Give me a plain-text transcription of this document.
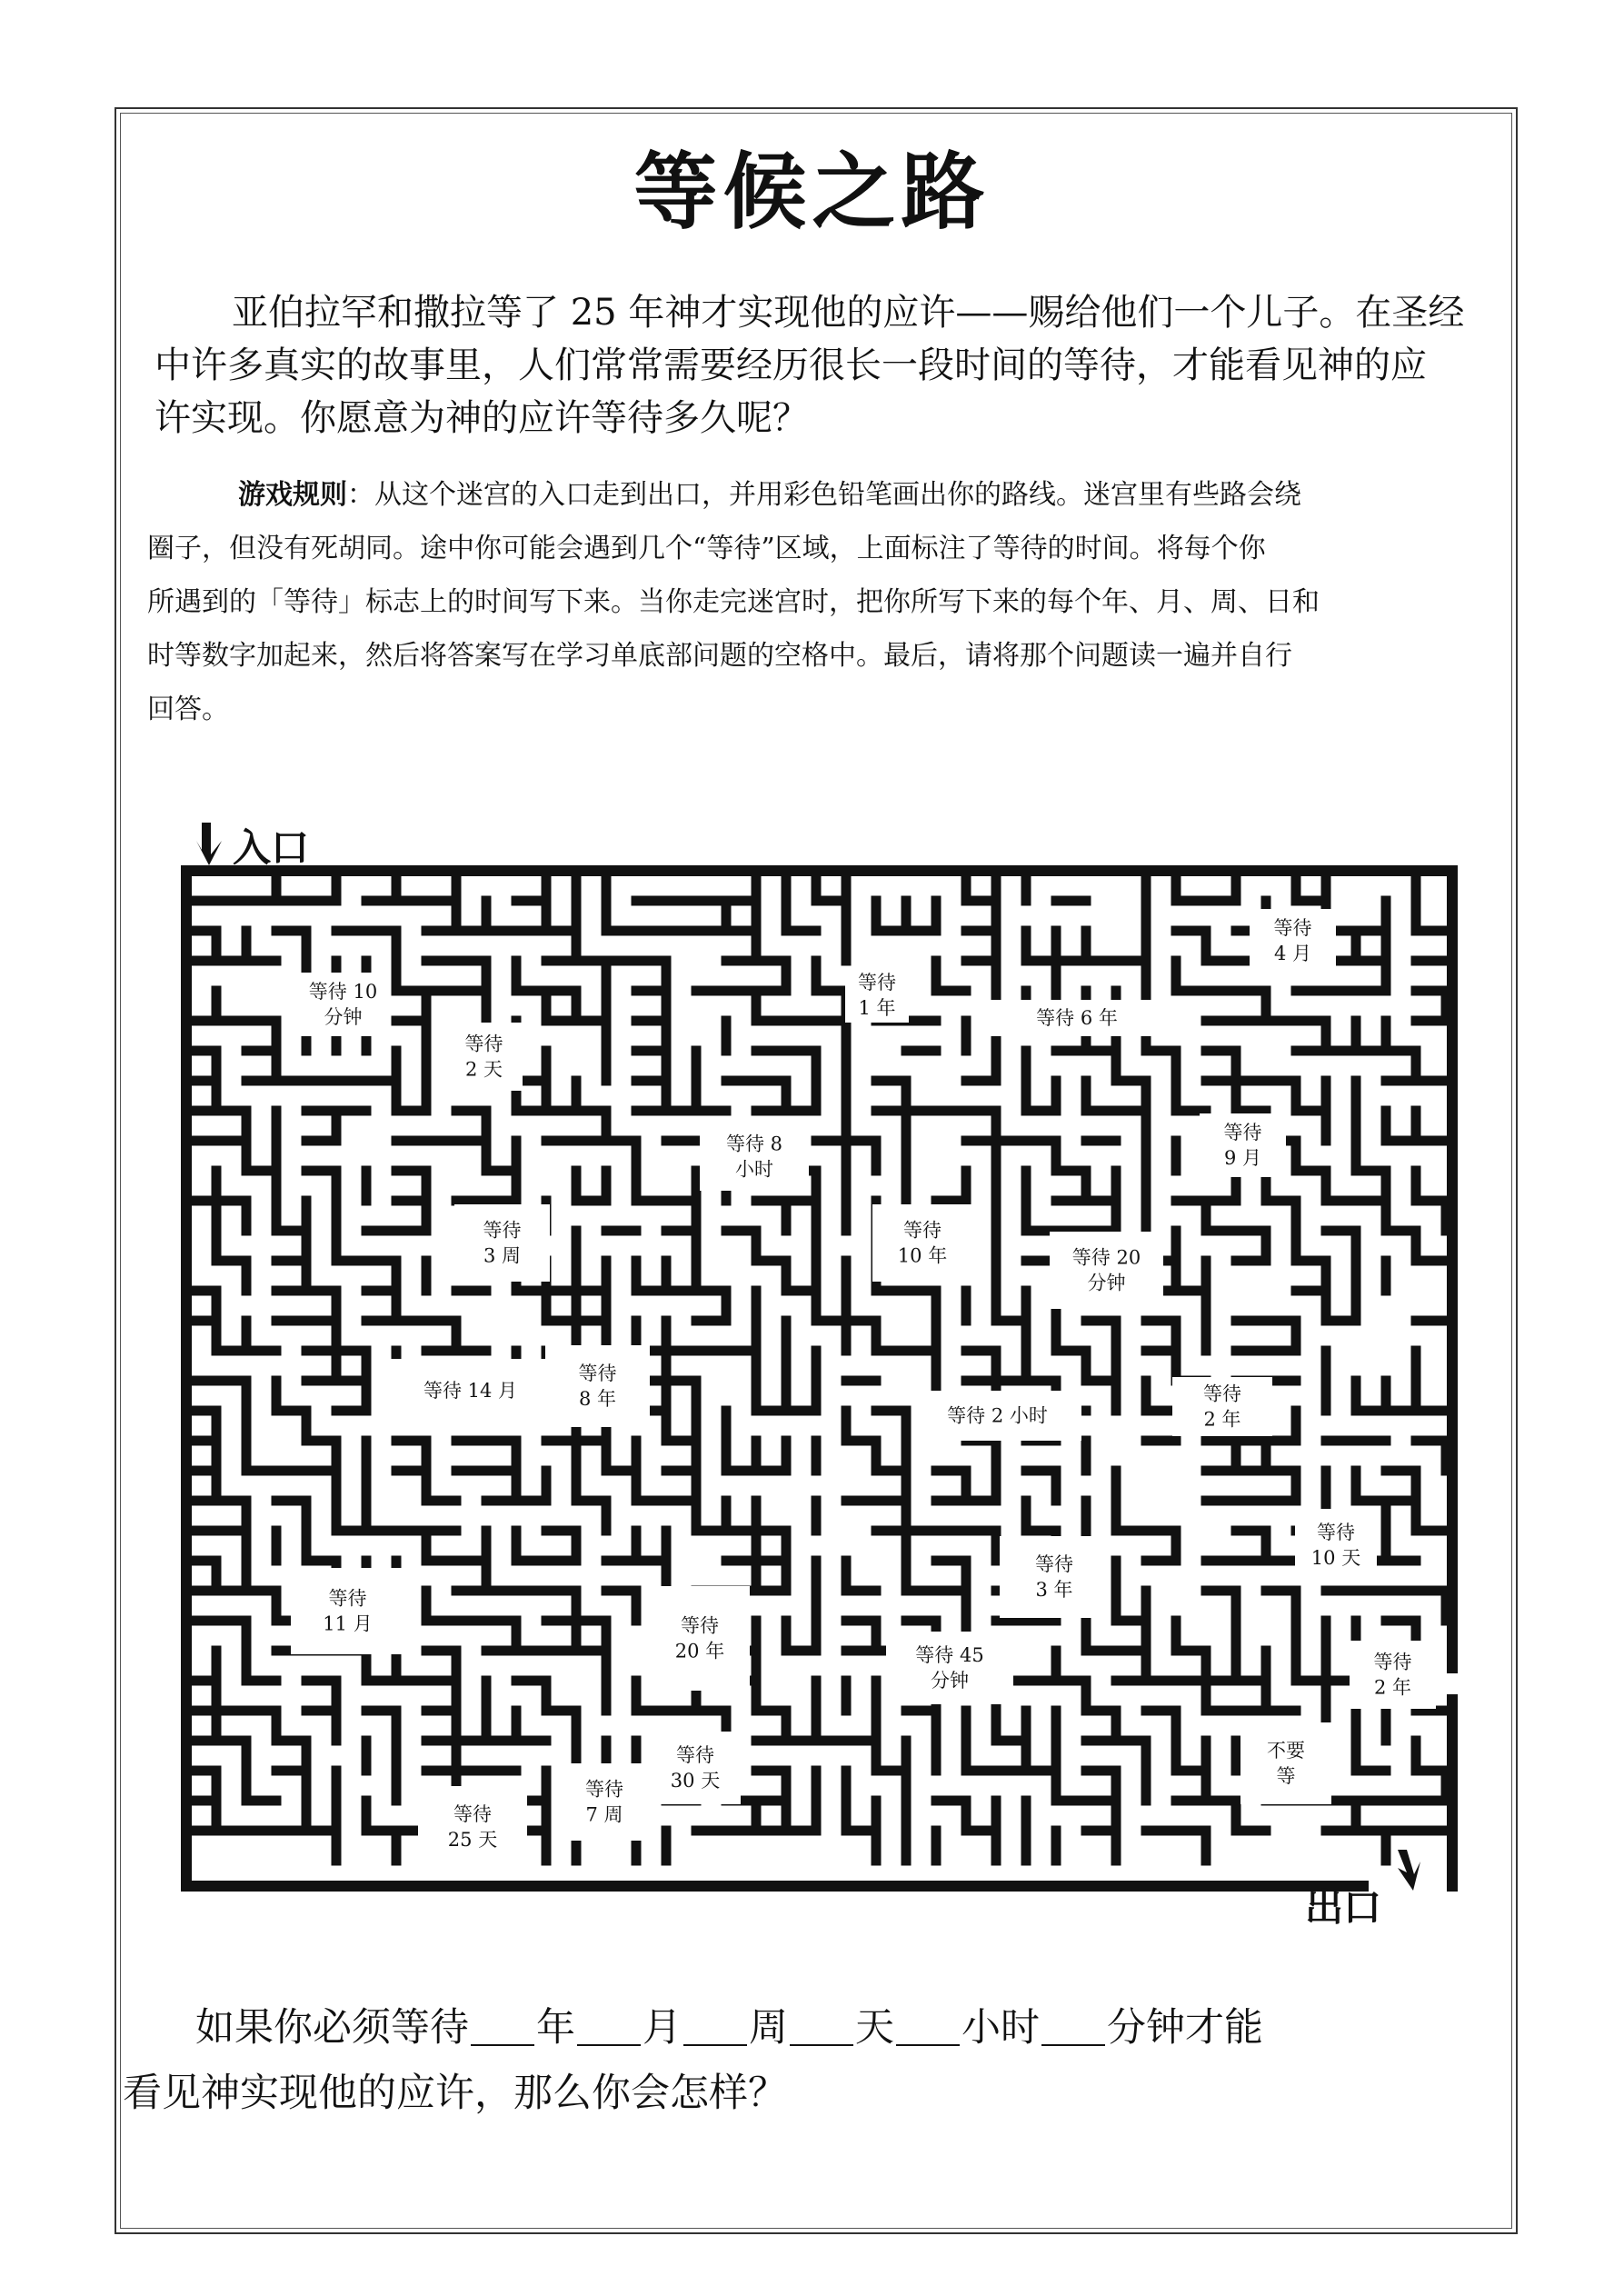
等候之路

亚伯拉罕和撒拉等了 25 年神才实现他的应许——赐给他们一个儿子。在圣经

中许多真实的故事里，人们常常需要经历很长一段时间的等待，才能看见神的应

许实现。你愿意为神的应许等待多久呢？

游戏规则：从这个迷宫的入口走到出口，并用彩色铅笔画出你的路线。迷宫里有些路会绕

圈子，但没有死胡同。途中你可能会遇到几个“等待”区域，上面标注了等待的时间。将每个你

所遇到的「等待」标志上的时间写下来。当你走完迷宫时，把你所写下来的每个年、月、周、日和

时等数字加起来，然后将答案写在学习单底部问题的空格中。最后，请将那个问题读一遍并自行

回答。

等待 10
分钟
等待
2 天
等待
1 年	等待 6 年
等待
4 月
等待 8
小时
等待
9 月
等待
3 周
等待
10 年	等待 20
分钟
等待 14 月
等待
8 年
等待 2 小时
等待
2 年
等待
3 年
等待
10 天
等待
11 月	等待
20 年	等待 45
分钟
等待
2 年
等待
30 天
不要
等
等待
7 周
等待
25 天
入口
出口

如果你必须等待 年 月 周 天 小时 分钟才能

看见神实现他的应许，那么你会怎样？
